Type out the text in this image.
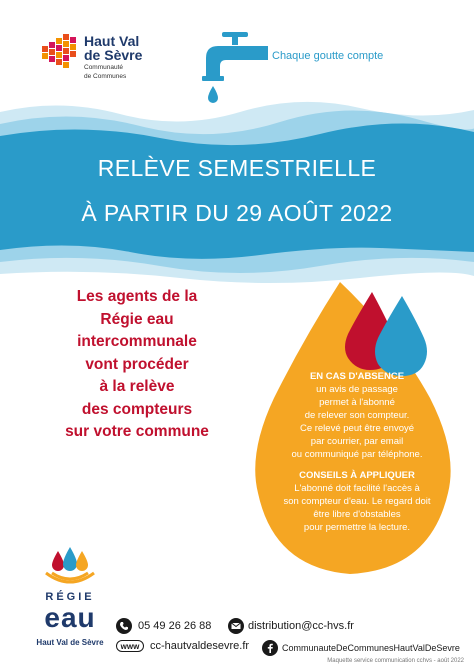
Haut Val
de Sèvre
Communauté
de Communes
Chaque goutte compte
RELÈVE SEMESTRIELLE
À PARTIR DU 29 AOÛT 2022
Les agents de la
Régie eau
intercommunale
vont procéder
à la relève
des compteurs
sur votre commune
EN CAS D'ABSENCE
un avis de passage
permet à l'abonné
de relever son compteur.
Ce relevé peut être envoyé
par courrier, par email
ou communiqué par téléphone.
CONSEILS À APPLIQUER
L'abonné doit facilité l'accès à
son compteur d'eau. Le regard doit
être libre d'obstables
pour permettre la lecture.
RÉGIE
eau
Haut Val de Sèvre
05 49 26 26 88	distribution@cc-hvs.fr
www cc-hautvaldesevre.fr	CommunauteDeCommunesHautValDeSevre
Maquette service communication cchvs - août 2022
